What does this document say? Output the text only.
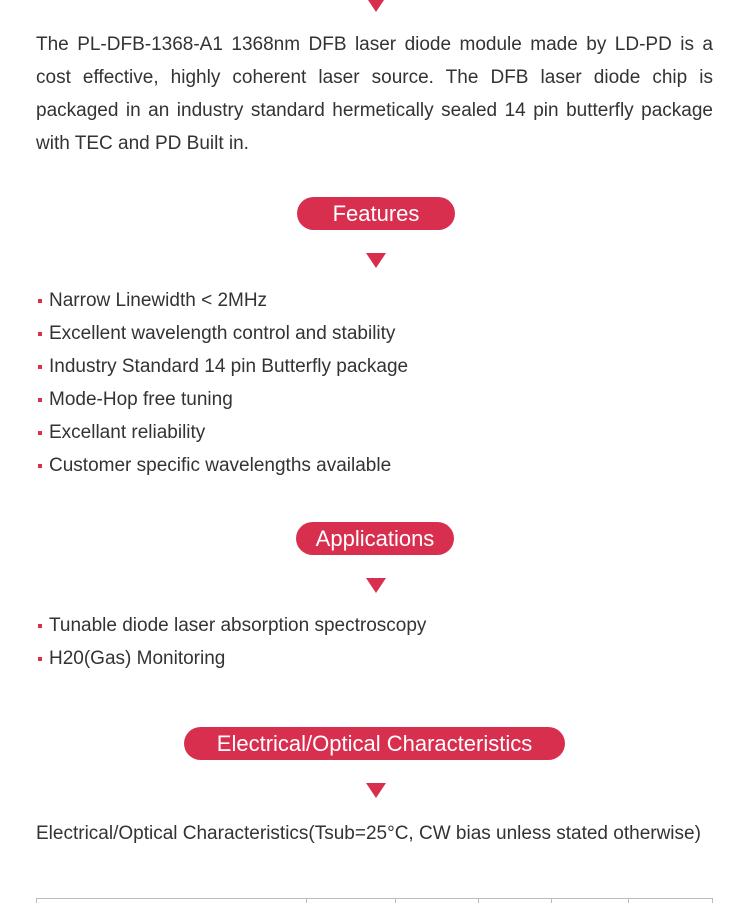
The PL-DFB-1368-A1 1368nm DFB laser diode module made by LD-PD is a cost effective, highly coherent laser source. The DFB laser diode chip is packaged in an industry standard hermetically sealed 14 pin butterfly package with TEC and PD Built in.

Features
Narrow Linewidth < 2MHz
Excellent wavelength control and stability
Industry Standard 14 pin Butterfly package
Mode-Hop free tuning
Excellant reliability
Customer specific wavelengths available
Applications
Tunable diode laser absorption spectroscopy
H20(Gas) Monitoring
Electrical/Optical Characteristics

Electrical/Optical Characteristics(Tsub=25°C, CW bias unless stated otherwise)
